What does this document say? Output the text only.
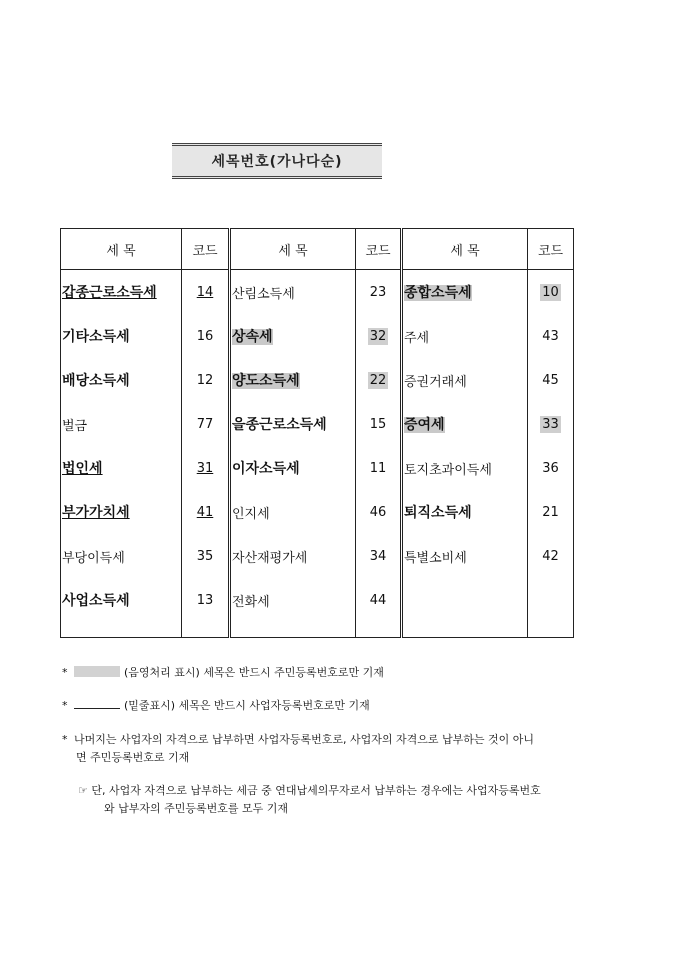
세목번호(가나다순)
세 목	코드	세 목	코드	세 목	코드
갑종근로소득세	14	산림소득세	23	종합소득세	10
기타소득세	16	상속세	32	주세	43
배당소득세	12	양도소득세	22	증권거래세	45
벌금	77	을종근로소득세	15	증여세	33
법인세	31	이자소득세	11	토지초과이득세	36
부가가치세	41	인지세	46	퇴직소득세	21
부당이득세	35	자산재평가세	34	특별소비세	42
사업소득세	13	전화세	44		

*	(음영처리 표시) 세목은 반드시 주민등록번호로만 기재
*	(밑줄표시) 세목은 반드시 사업자등록번호로만 기재
* 나머지는 사업자의 자격으로 납부하면 사업자등록번호로, 사업자의 자격으로 납부하는 것이 아니
면 주민등록번호로 기재
☞ 단, 사업자 자격으로 납부하는 세금 중 연대납세의무자로서 납부하는 경우에는 사업자등록번호
와 납부자의 주민등록번호를 모두 기재
